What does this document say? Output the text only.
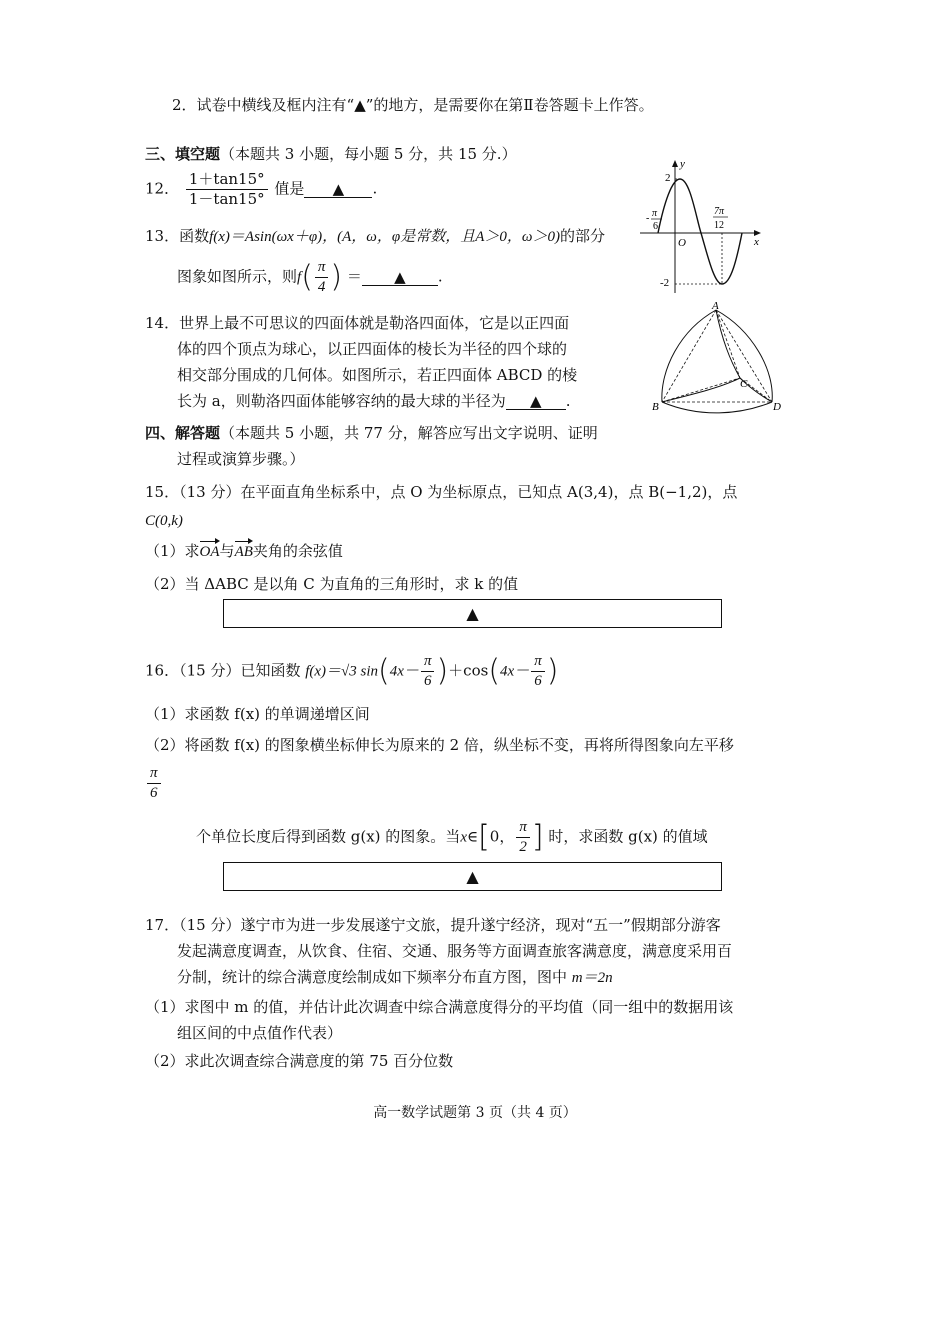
2．试卷中横线及框内注有“▲”的地方，是需要你在第Ⅱ卷答题卡上作答。
三、填空题（本题共 3 小题，每小题 5 分，共 15 分.）
12． $\frac{1+\tan 15^\circ}{1-\tan 15^\circ}$ 值是 ▲ .
13．函数f(x)＝Asin(ωx＋φ)，(A，ω，φ是常数，且A＞0，ω＞0)的部分
图象如图所示，则$f( \frac{\pi}{4}$ ) ＝ ▲ .
y
x
O
2
-2
- π
6
7π
12
14．世界上最不可思议的四面体就是勒洛四面体，它是以正四面
体的四个顶点为球心，以正四面体的棱长为半径的四个球的
相交部分围成的几何体。如图所示，若正四面体 ABCD 的棱
长为 a，则勒洛四面体能够容纳的最大球的半径为 ▲ .
A
B
C
D
四、解答题（本题共 5 小题，共 77 分，解答应写出文字说明、证明
过程或演算步骤。）
15．（13 分）在平面直角坐标系中，点 O 为坐标原点，已知点 A(3,4)，点 B(−1,2)，点
C(0,k)
（1）求OA与AB夹角的余弦值
（2）当 ΔABC 是以角 C 为直角的三角形时，求 k 的值
▲
16．（15 分）已知函数 f(x)＝√3 $\sin(4x- \frac{\pi}{6} )+\cos(4x- \frac{\pi}{6}$ )
（1）求函数 f(x) 的单调递增区间
（2）将函数 f(x) 的图象横坐标伸长为原来的 2 倍，纵坐标不变，再将所得图象向左平移
$\frac{\pi}{6}$
个单位长度后得到函数 g(x) 的图象。当x∈[0， $\frac{\pi}{2}$ ] 时，求函数 g(x) 的值域
▲
17．（15 分）遂宁市为进一步发展遂宁文旅，提升遂宁经济，现对“五一”假期部分游客
发起满意度调查，从饮食、住宿、交通、服务等方面调查旅客满意度，满意度采用百
分制，统计的综合满意度绘制成如下频率分布直方图，图中 m＝2n
（1）求图中 m 的值，并估计此次调查中综合满意度得分的平均值（同一组中的数据用该
组区间的中点值作代表）
（2）求此次调查综合满意度的第 75 百分位数
高一数学试题第 3 页（共 4 页）
